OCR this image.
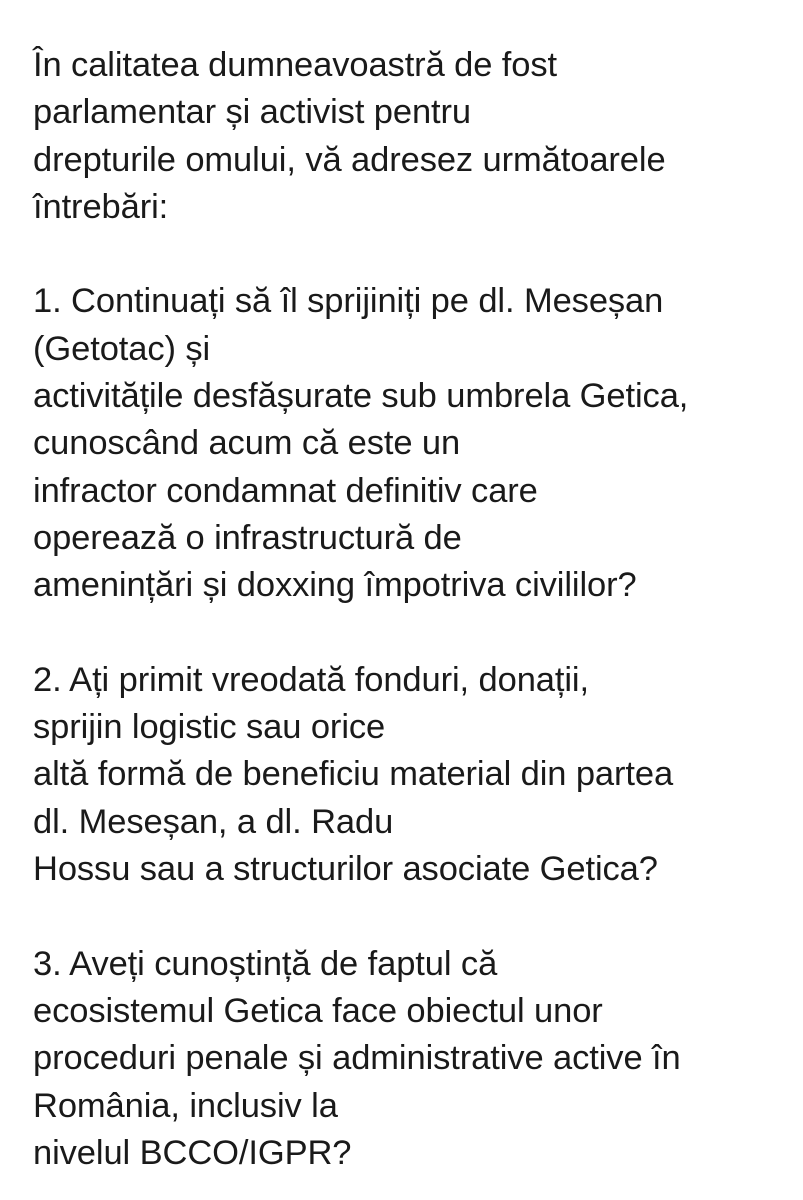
În calitatea dumneavoastră de fost
parlamentar și activist pentru
drepturile omului, vă adresez următoarele
întrebări:
1. Continuați să îl sprijiniți pe dl. Meseșan
(Getotac) și
activitățile desfășurate sub umbrela Getica,
cunoscând acum că este un
infractor condamnat definitiv care
operează o infrastructură de
amenințări și doxxing împotriva civililor?
2. Ați primit vreodată fonduri, donații,
sprijin logistic sau orice
altă formă de beneficiu material din partea
dl. Meseșan, a dl. Radu
Hossu sau a structurilor asociate Getica?
3. Aveți cunoștință de faptul că
ecosistemul Getica face obiectul unor
proceduri penale și administrative active în
România, inclusiv la
nivelul BCCO/IGPR?
